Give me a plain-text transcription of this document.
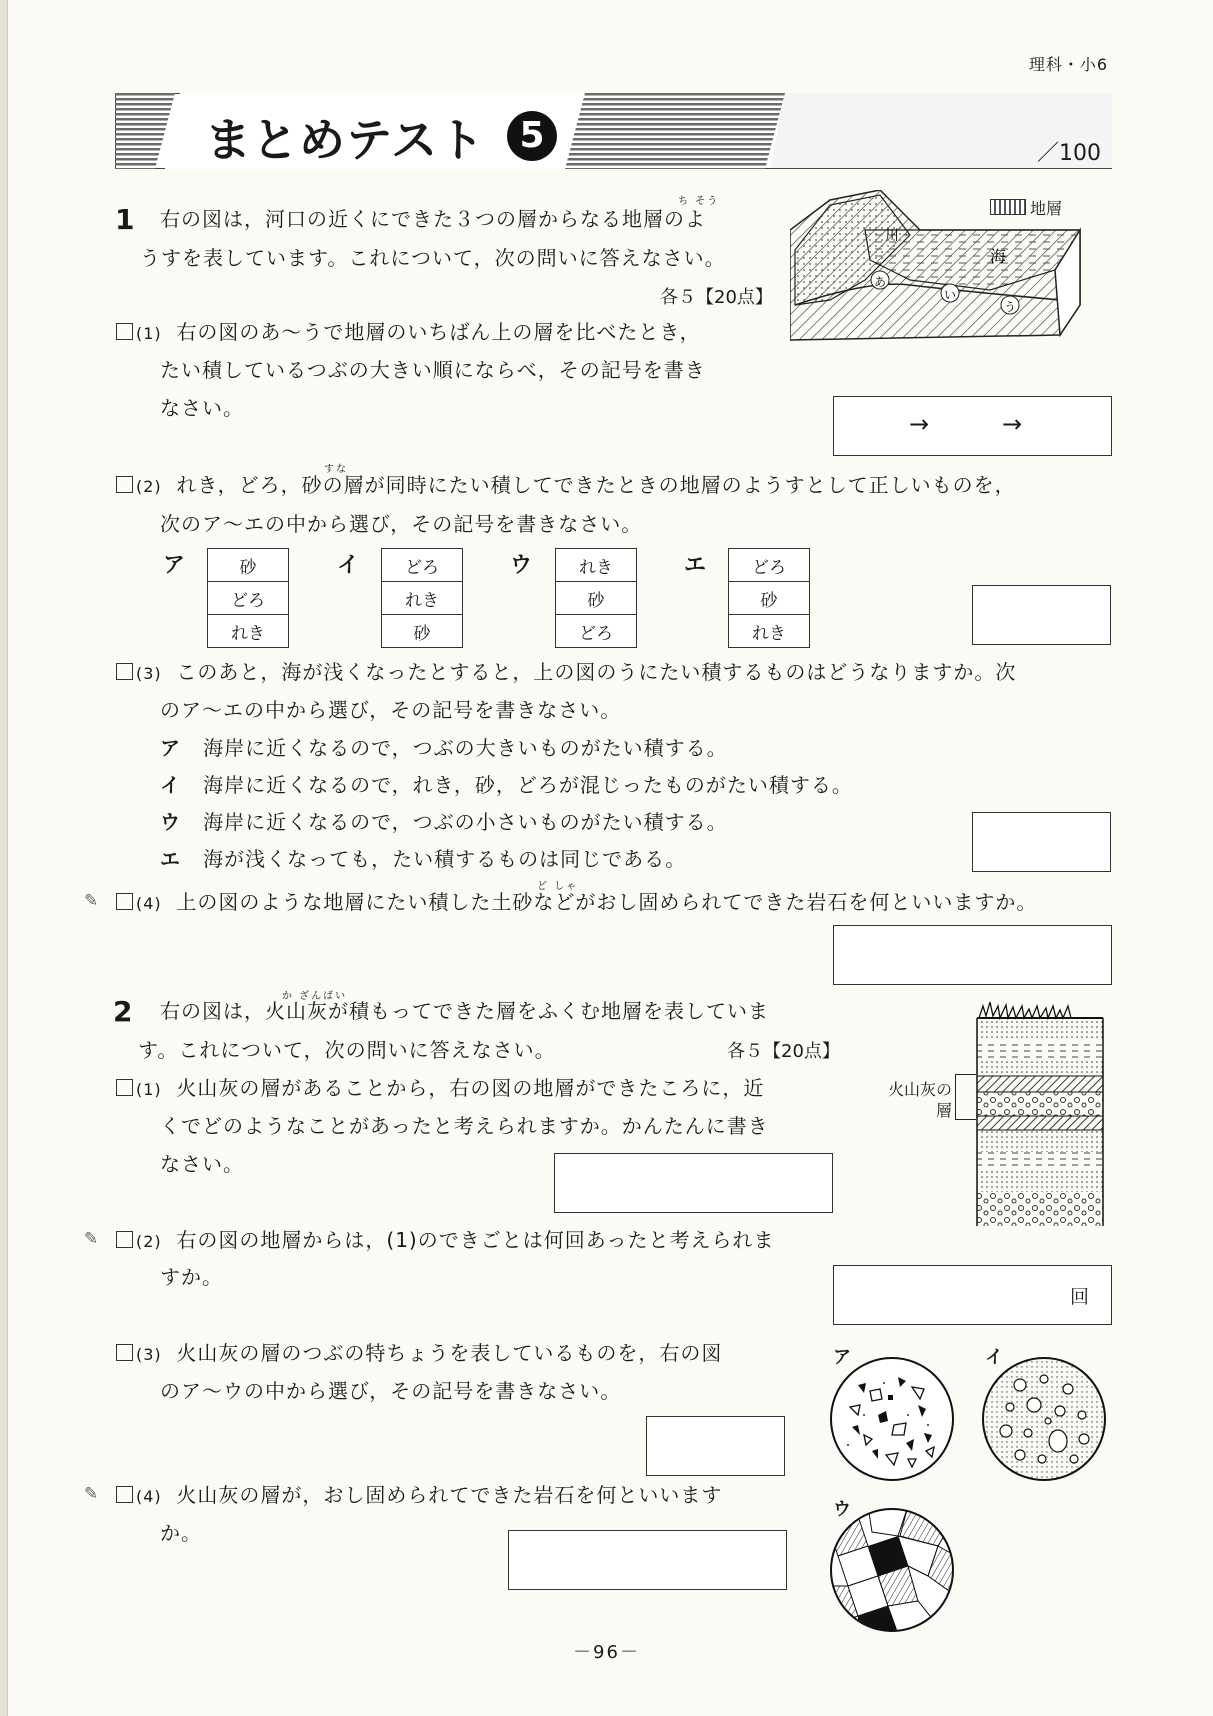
理科・小6
まとめテスト 5	／100
1
ち そう
右の図は，河口の近くにできた３つの層からなる地層のよ
うすを表しています。これについて，次の問いに答えなさい。
各５【20点】
川
海
あ
い
う
地層
(1) 右の図のあ～うで地層のいちばん上の層を比べたとき，
たい積しているつぶの大きい順にならべ，その記号を書き
なさい。
→	→
すな
(2) れき，どろ，砂の層が同時にたい積してできたときの地層のようすとして正しいものを，
次のア～エの中から選び，その記号を書きなさい。
ア	砂
どろ
れき
イ	どろ
れき
砂
ウ	れき
砂
どろ
エ	どろ
砂
れき
(3) このあと，海が浅くなったとすると，上の図のうにたい積するものはどうなりますか。次
のア～エの中から選び，その記号を書きなさい。
ア 海岸に近くなるので，つぶの大きいものがたい積する。
イ 海岸に近くなるので，れき，砂，どろが混じったものがたい積する。
ウ 海岸に近くなるので，つぶの小さいものがたい積する。
エ 海が浅くなっても，たい積するものは同じである。
ど しゃ
✎	(4) 上の図のような地層にたい積した土砂などがおし固められてできた岩石を何といいますか。
2	か ざんばい
右の図は，火山灰が積もってできた層をふくむ地層を表していま
す。これについて，次の問いに答えなさい。	各５【20点】
火山灰の
層
(1) 火山灰の層があることから，右の図の地層ができたころに，近
くでどのようなことがあったと考えられますか。かんたんに書き
なさい。
✎	(2) 右の図の地層からは，(1)のできごとは何回あったと考えられま
すか。
回
(3) 火山灰の層のつぶの特ちょうを表しているものを，右の図
のア～ウの中から選び，その記号を書きなさい。
ア	イ
ウ
✎	(4) 火山灰の層が，おし固められてできた岩石を何といいます
か。
－96－
